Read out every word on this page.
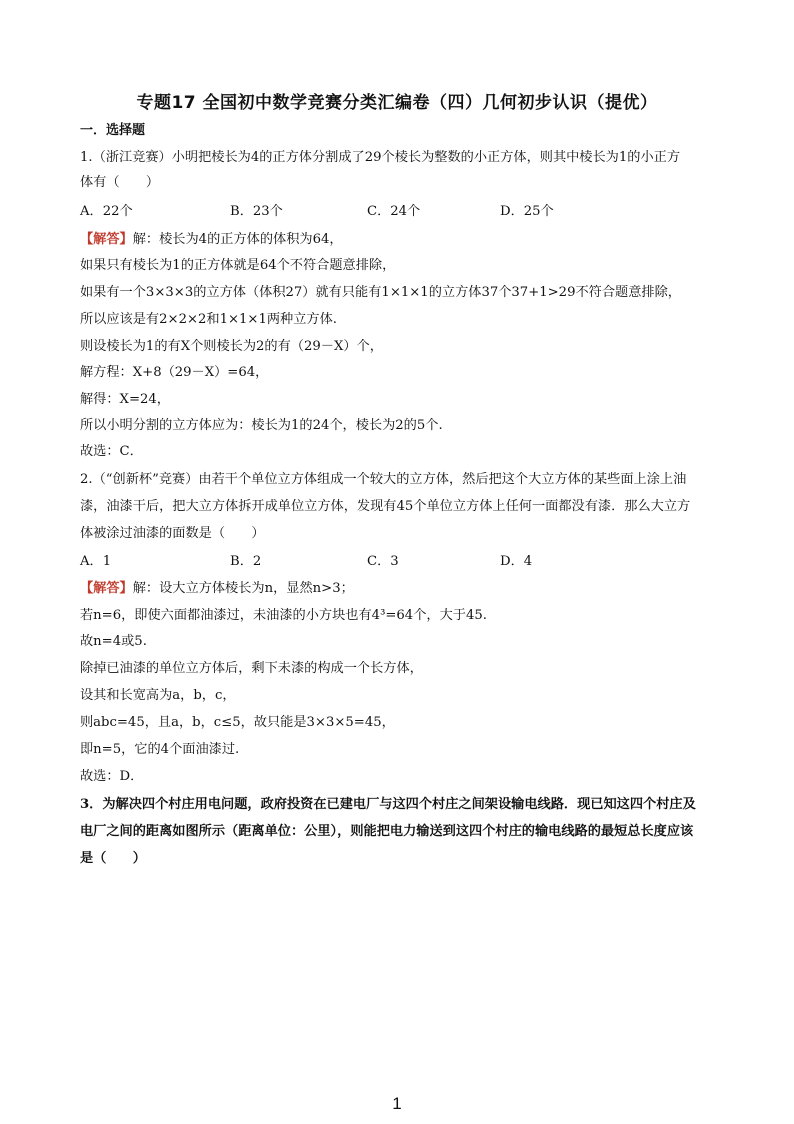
专题17 全国初中数学竞赛分类汇编卷（四）几何初步认识（提优）
一．选择题
1.（浙江竞赛）小明把棱长为4的正方体分割成了29个棱长为整数的小正方体，则其中棱长为1的小正方
体有（　　）
A．22个	B．23个	C．24个	D．25个
【解答】解：棱长为4的正方体的体积为64，
如果只有棱长为1的正方体就是64个不符合题意排除，
如果有一个3×3×3的立方体（体积27）就有只能有1×1×1的立方体37个37+1>29不符合题意排除，
所以应该是有2×2×2和1×1×1两种立方体.
则设棱长为1的有X个则棱长为2的有（29－X）个，
解方程：X+8（29－X）=64，
解得：X=24，
所以小明分割的立方体应为：棱长为1的24个，棱长为2的5个.
故选：C．
2.（“创新杯”竞赛）由若干个单位立方体组成一个较大的立方体，然后把这个大立方体的某些面上涂上油
漆，油漆干后，把大立方体拆开成单位立方体，发现有45个单位立方体上任何一面都没有漆．那么大立方
体被涂过油漆的面数是（　　）
A．1	B．2	C．3	D．4
【解答】解：设大立方体棱长为n，显然n>3；
若n=6，即使六面都油漆过，未油漆的小方块也有4³=64个，大于45.
故n=4或5.
除掉已油漆的单位立方体后，剩下未漆的构成一个长方体，
设其和长宽高为a，b，c，
则abc=45，且a，b，c≤5，故只能是3×3×5=45，
即n=5，它的4个面油漆过.
故选：D．
3．为解决四个村庄用电问题，政府投资在已建电厂与这四个村庄之间架设输电线路．现已知这四个村庄及
电厂之间的距离如图所示（距离单位：公里），则能把电力输送到这四个村庄的输电线路的最短总长度应该
是（　　）
1
